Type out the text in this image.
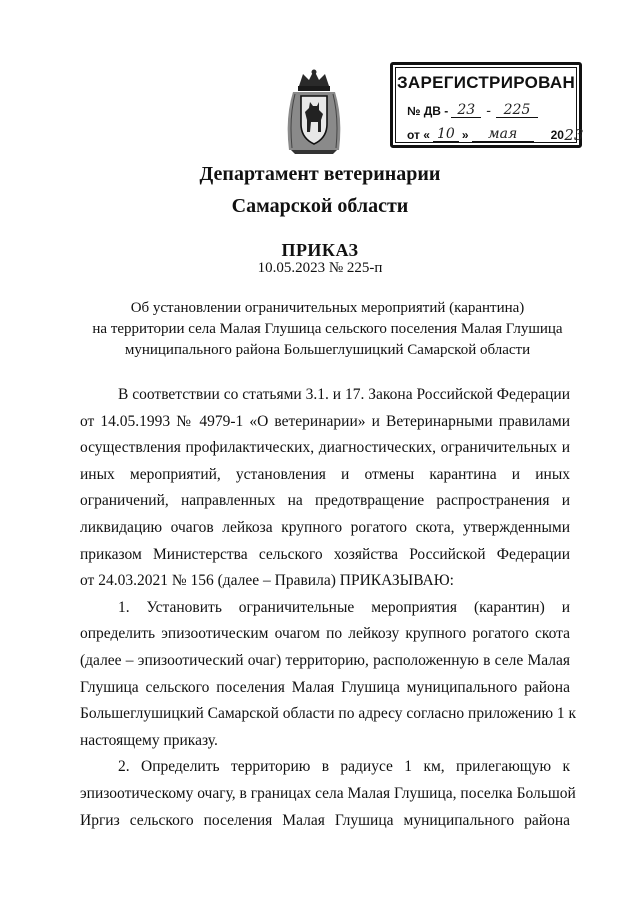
ЗАРЕГИСТРИРОВАН
№ ДВ - 23 - 225
от « 10 »	мая	20 23
Департамент ветеринарии
Самарской области
ПРИКАЗ
10.05.2023 № 225-п
Об установлении ограничительных мероприятий (карантина)
на территории села Малая Глушица сельского поселения Малая Глушица
муниципального района Большеглушицкий Самарской области
В соответствии со статьями 3.1. и 17. Закона Российской Федерации
от 14.05.1993 № 4979-1 «О ветеринарии» и Ветеринарными правилами
осуществления профилактических, диагностических, ограничительных и
иных мероприятий, установления и отмены карантина и иных
ограничений, направленных на предотвращение распространения и
ликвидацию очагов лейкоза крупного рогатого скота, утвержденными
приказом Министерства сельского хозяйства Российской Федерации
от 24.03.2021 № 156 (далее – Правила) ПРИКАЗЫВАЮ:
1. Установить ограничительные мероприятия (карантин) и
определить эпизоотическим очагом по лейкозу крупного рогатого скота
(далее – эпизоотический очаг) территорию, расположенную в селе Малая
Глушица сельского поселения Малая Глушица муниципального района
Большеглушицкий Самарской области по адресу согласно приложению 1 к
настоящему приказу.
2. Определить территорию в радиусе 1 км, прилегающую к
эпизоотическому очагу, в границах села Малая Глушица, поселка Большой
Иргиз сельского поселения Малая Глушица муниципального района
